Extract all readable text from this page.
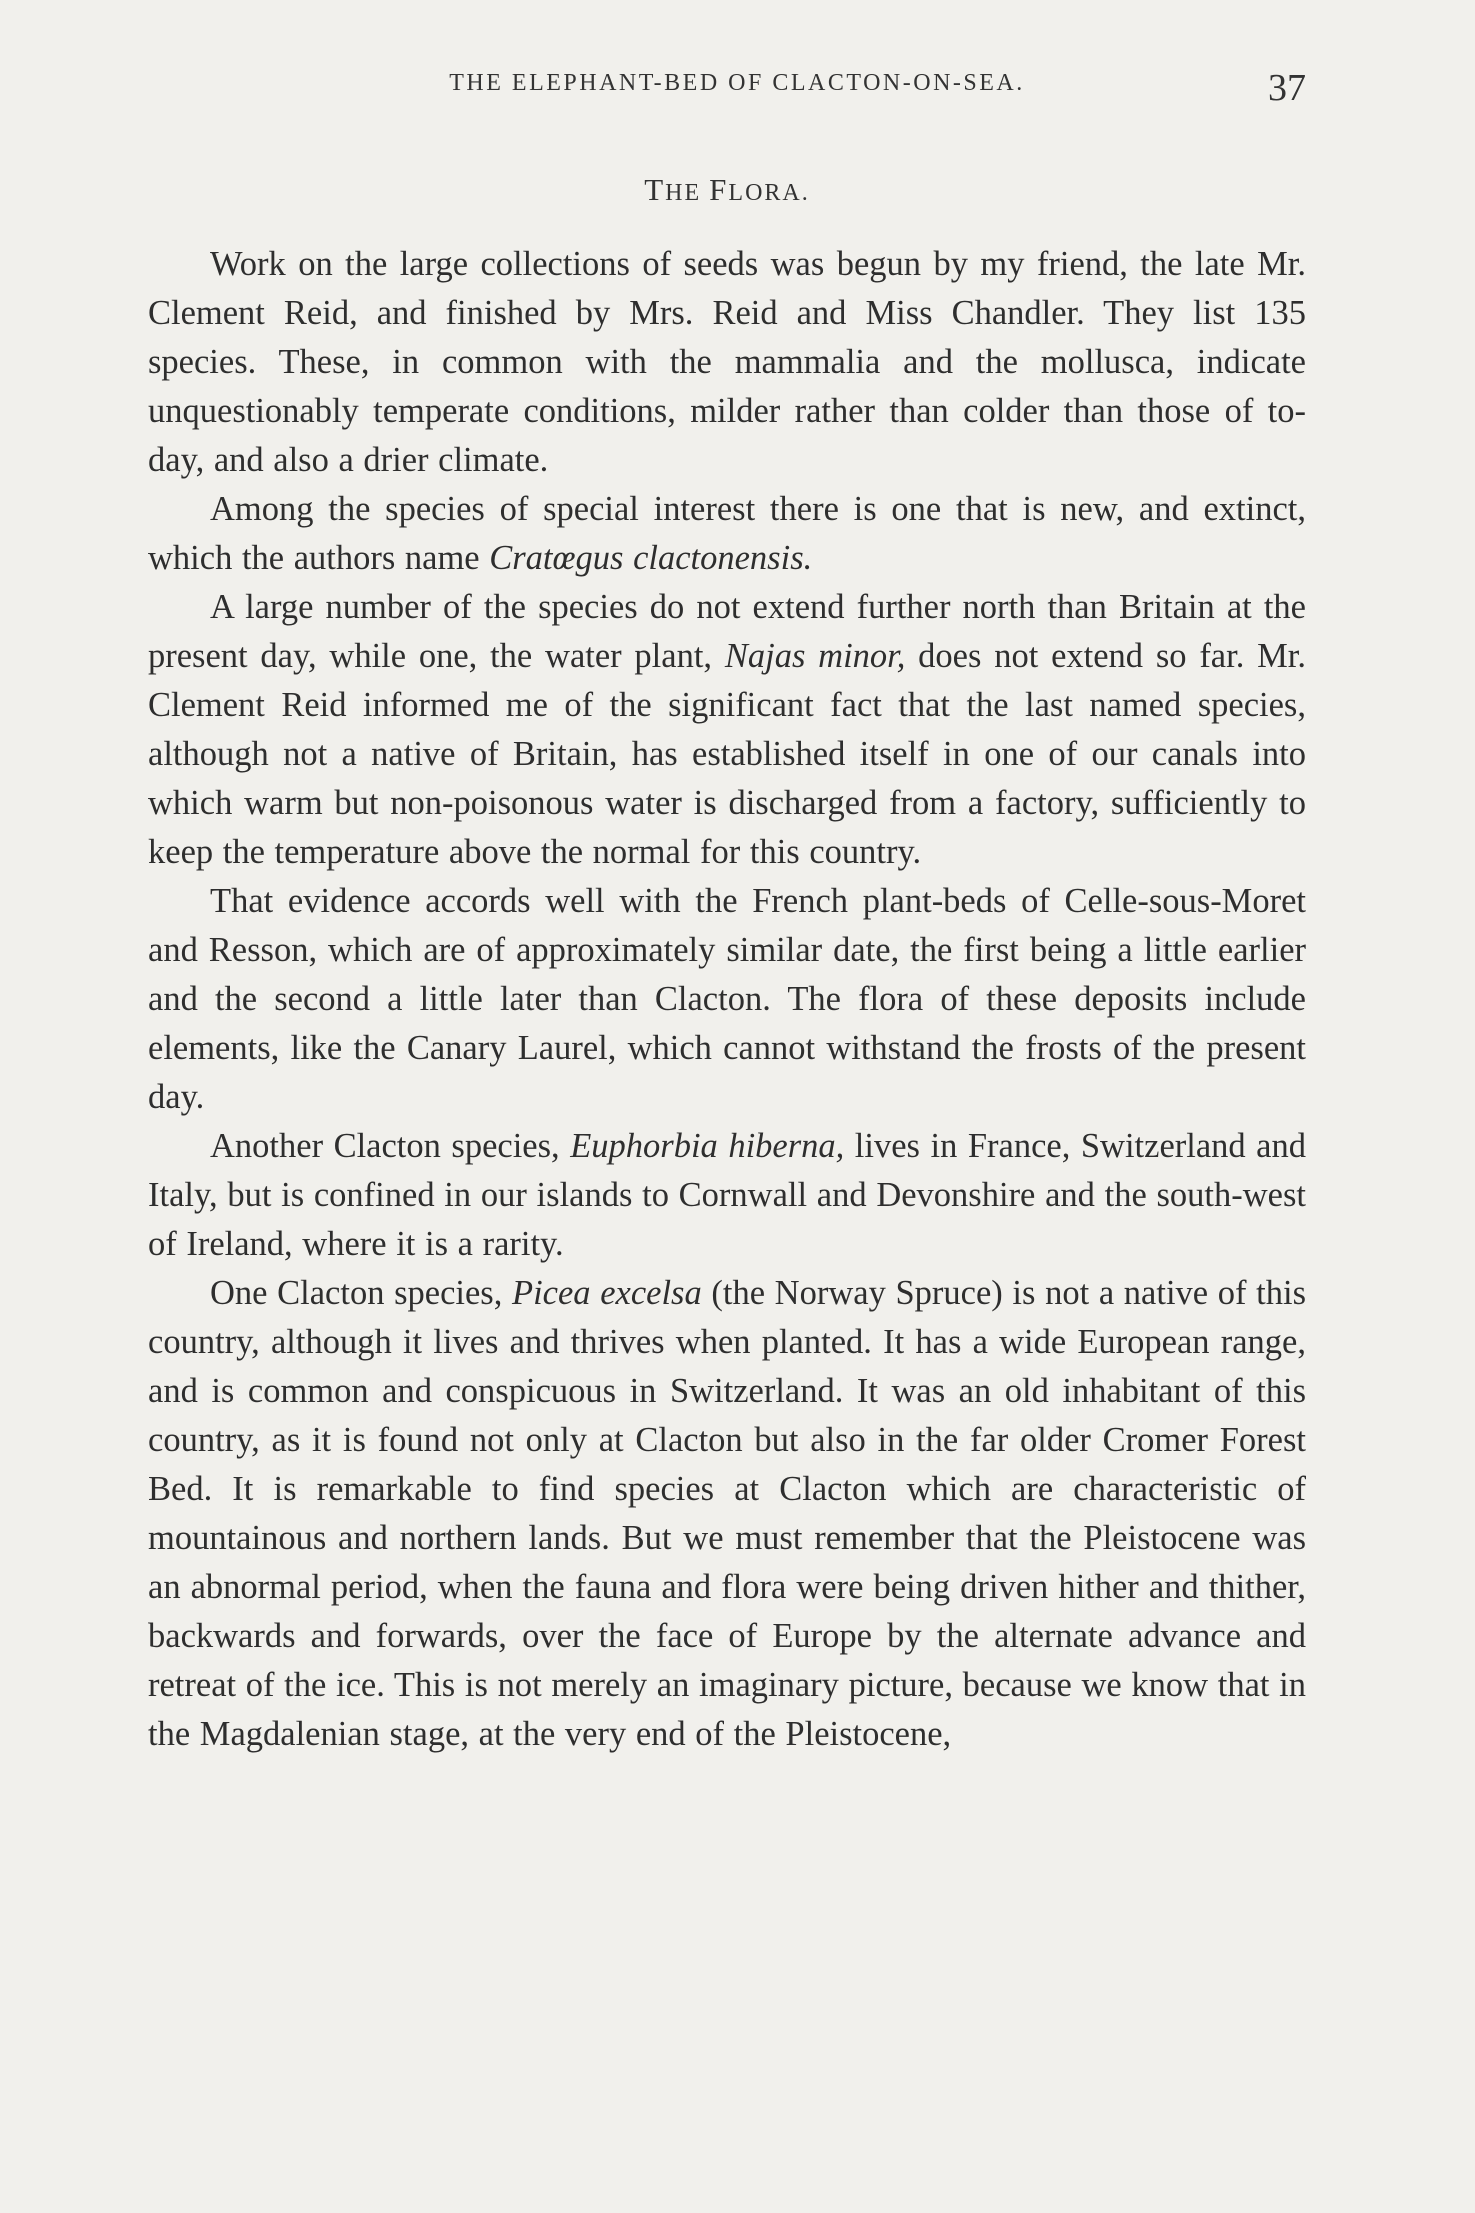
THE ELEPHANT-BED OF CLACTON-ON-SEA.	37
THE FLORA.

Work on the large collections of seeds was begun by my friend, the late Mr. Clement Reid, and finished by Mrs. Reid and Miss Chandler. They list 135 species. These, in common with the mammalia and the mollusca, indicate unquestionably temperate conditions, milder rather than colder than those of to-day, and also a drier climate.

Among the species of special interest there is one that is new, and extinct, which the authors name Cratœgus clactonensis.

A large number of the species do not extend further north than Britain at the present day, while one, the water plant, Najas minor, does not extend so far. Mr. Clement Reid informed me of the significant fact that the last named species, although not a native of Britain, has established itself in one of our canals into which warm but non-poisonous water is discharged from a factory, sufficiently to keep the temperature above the normal for this country.

That evidence accords well with the French plant-beds of Celle-sous-Moret and Resson, which are of approximately similar date, the first being a little earlier and the second a little later than Clacton. The flora of these deposits include elements, like the Canary Laurel, which cannot withstand the frosts of the present day.

Another Clacton species, Euphorbia hiberna, lives in France, Switzerland and Italy, but is confined in our islands to Cornwall and Devonshire and the south-west of Ireland, where it is a rarity.

One Clacton species, Picea excelsa (the Norway Spruce) is not a native of this country, although it lives and thrives when planted. It has a wide European range, and is common and conspicuous in Switzerland. It was an old inhabitant of this country, as it is found not only at Clacton but also in the far older Cromer Forest Bed. It is remarkable to find species at Clacton which are characteristic of mountainous and northern lands. But we must remember that the Pleistocene was an abnormal period, when the fauna and flora were being driven hither and thither, backwards and forwards, over the face of Europe by the alternate advance and retreat of the ice. This is not merely an imaginary picture, because we know that in the Magdalenian stage, at the very end of the Pleistocene,
